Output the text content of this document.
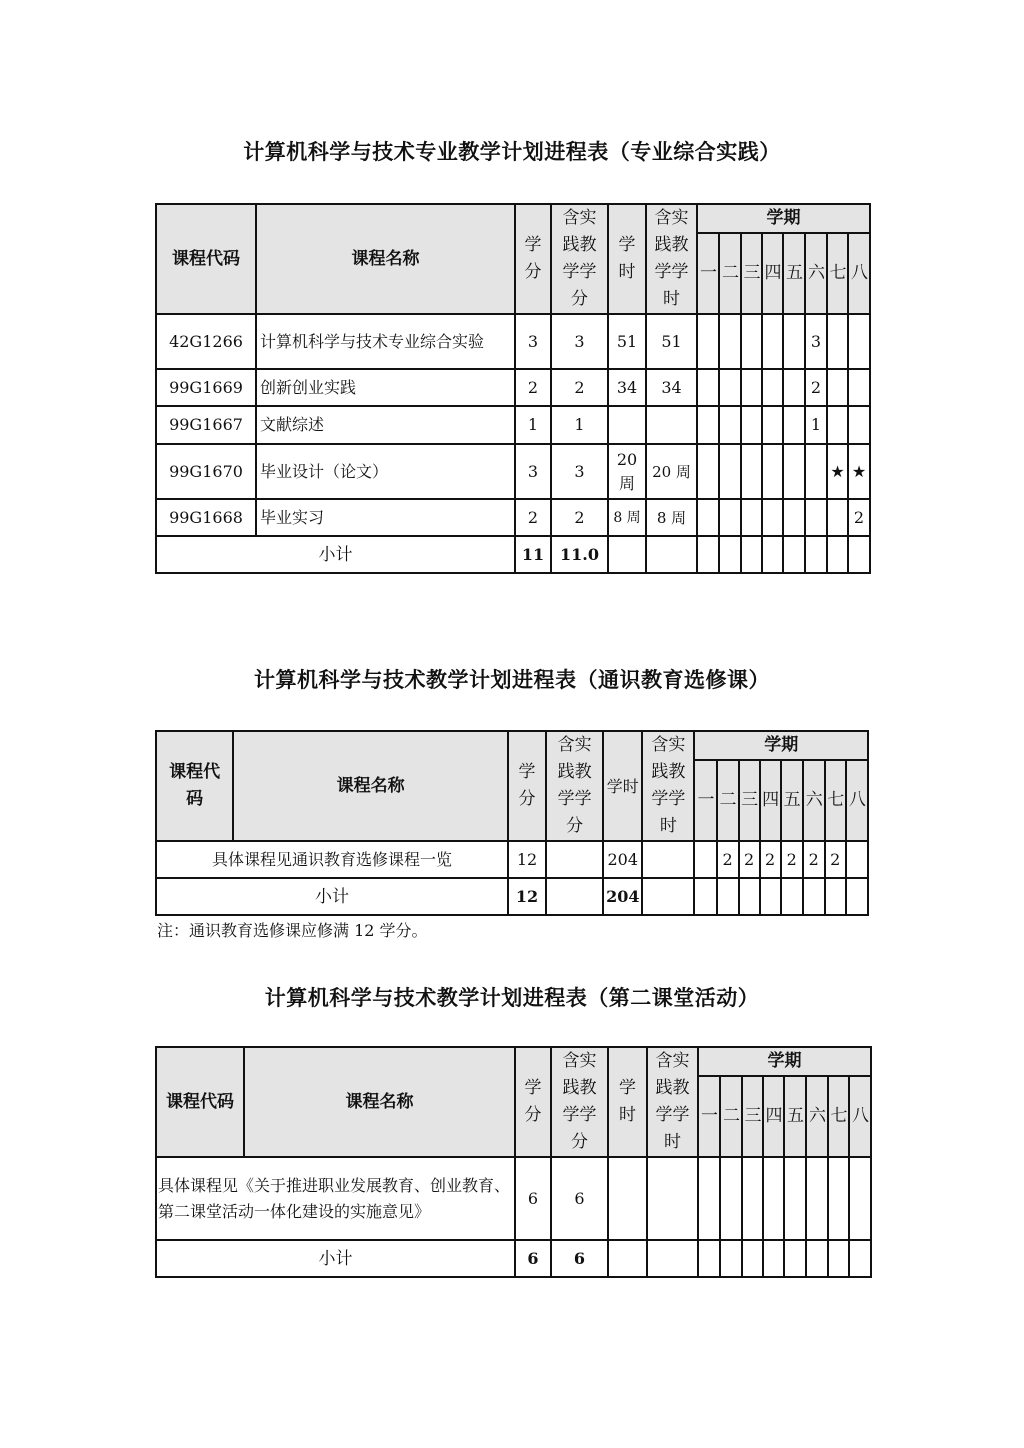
计算机科学与技术专业教学计划进程表（专业综合实践）
课程代码	课程名称	学分	含实践教学学分	学时	含实践教学学时	学期							
						一	二	三	四	五	六	七	八
42G1266	计算机科学与技术专业综合实验	3	3	51	51						3		
99G1669	创新创业实践	2	2	34	34						2		
99G1667	文献综述	1	1								1		
99G1670	毕业设计（论文）	3	3	20周	20 周							★	★
99G1668	毕业实习	2	2	8 周	8 周								2
小计		11	11.0										
计算机科学与技术教学计划进程表（通识教育选修课）
课程代码	课程名称	学分	含实践教学学分	学时	含实践教学学时	学期							
						一	二	三	四	五	六	七	八
具体课程见通识教育选修课程一览		12		204			2	2	2	2	2	2	
小计		12		204									
注：通识教育选修课应修满 12 学分。
计算机科学与技术教学计划进程表（第二课堂活动）
课程代码	课程名称	学分	含实践教学学分	学时	含实践教学学时	学期							
						一	二	三	四	五	六	七	八
具体课程见《关于推进职业发展教育、创业教育、第二课堂活动一体化建设的实施意见》		6	6										
小计		6	6										
